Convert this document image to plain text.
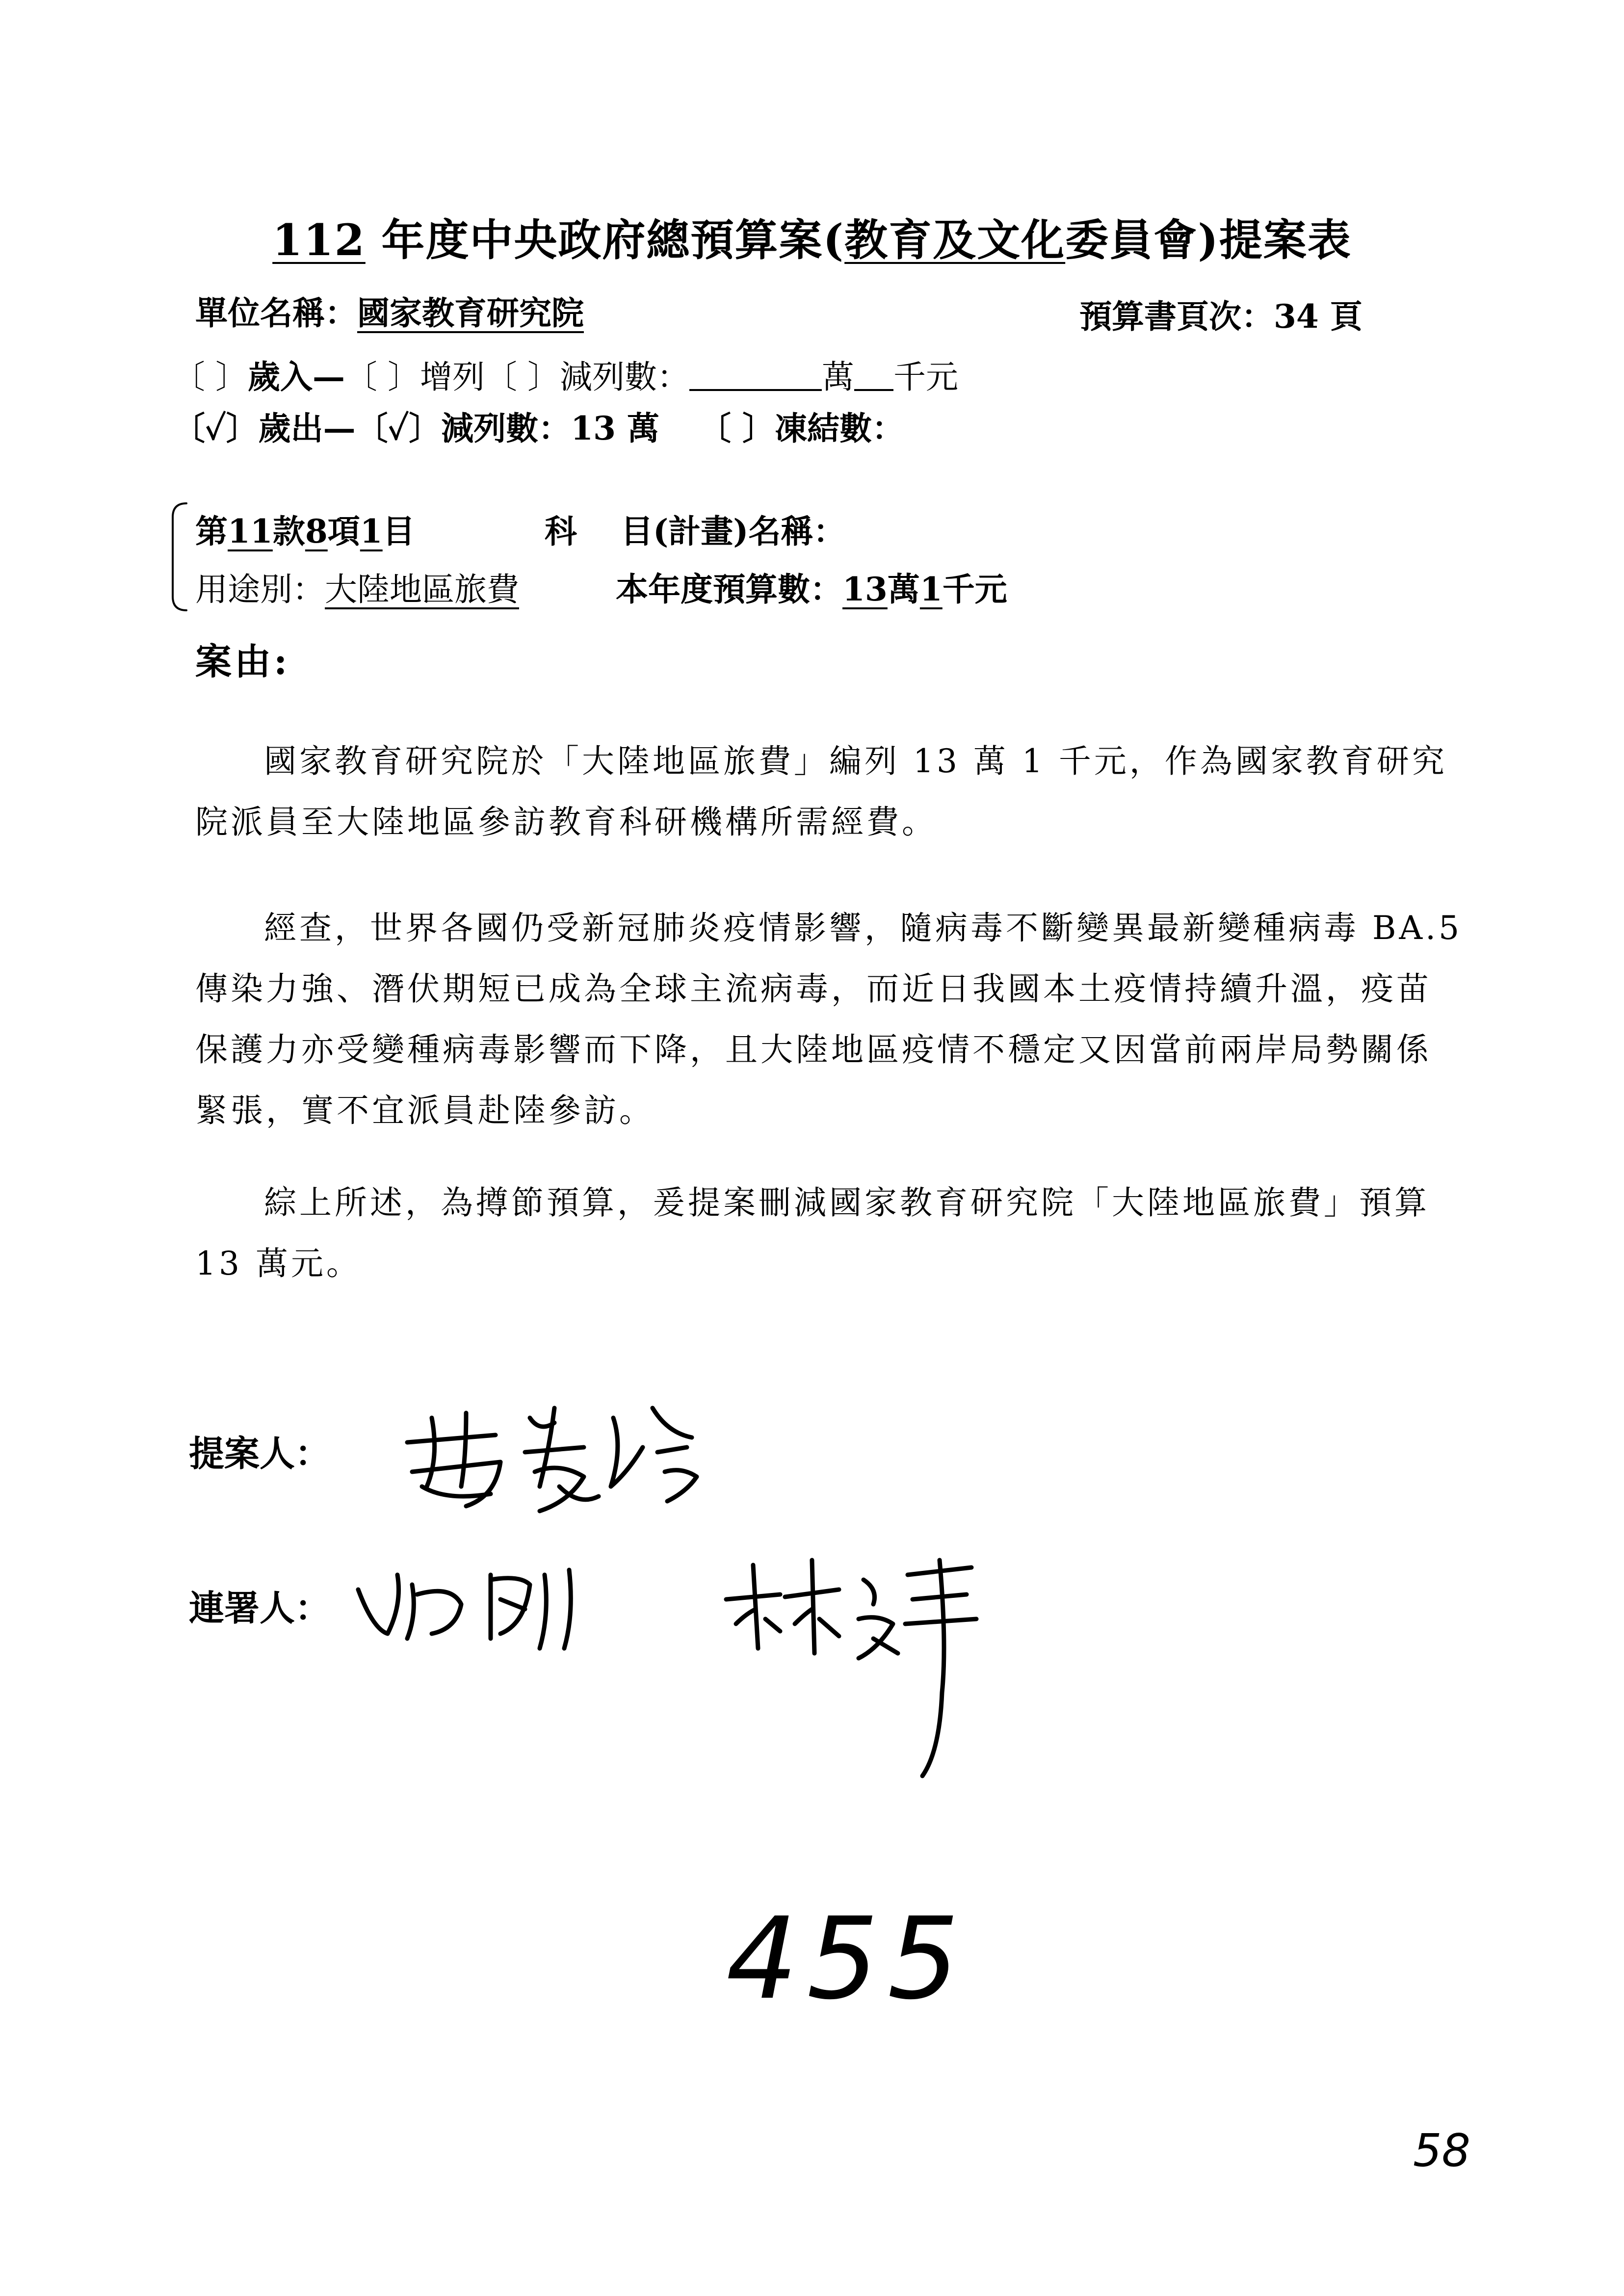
112 年度中央政府總預算案(教育及文化委員會)提案表
單位名稱：國家教育研究院	預算書頁次：34 頁
〔 〕歲入—〔 〕增列〔 〕減列數：	萬 千元
〔✓〕歲出—〔✓〕減列數：13 萬 〔 〕凍結數：
第11款8項1目	科　 目(計畫)名稱：
用途別：大陸地區旅費	本年度預算數：13萬1千元
案由:
國家教育研究院於「大陸地區旅費」編列 13 萬 1 千元，作為國家教育研究院派員至大陸地區參訪教育科研機構所需經費。
經查，世界各國仍受新冠肺炎疫情影響，隨病毒不斷變異最新變種病毒 BA.5 傳染力強、潛伏期短已成為全球主流病毒，而近日我國本土疫情持續升溫，疫苗保護力亦受變種病毒影響而下降，且大陸地區疫情不穩定又因當前兩岸局勢關係緊張，實不宜派員赴陸參訪。
綜上所述，為撙節預算，爰提案刪減國家教育研究院「大陸地區旅費」預算 13 萬元。
提案人：
連署人：
455
58
